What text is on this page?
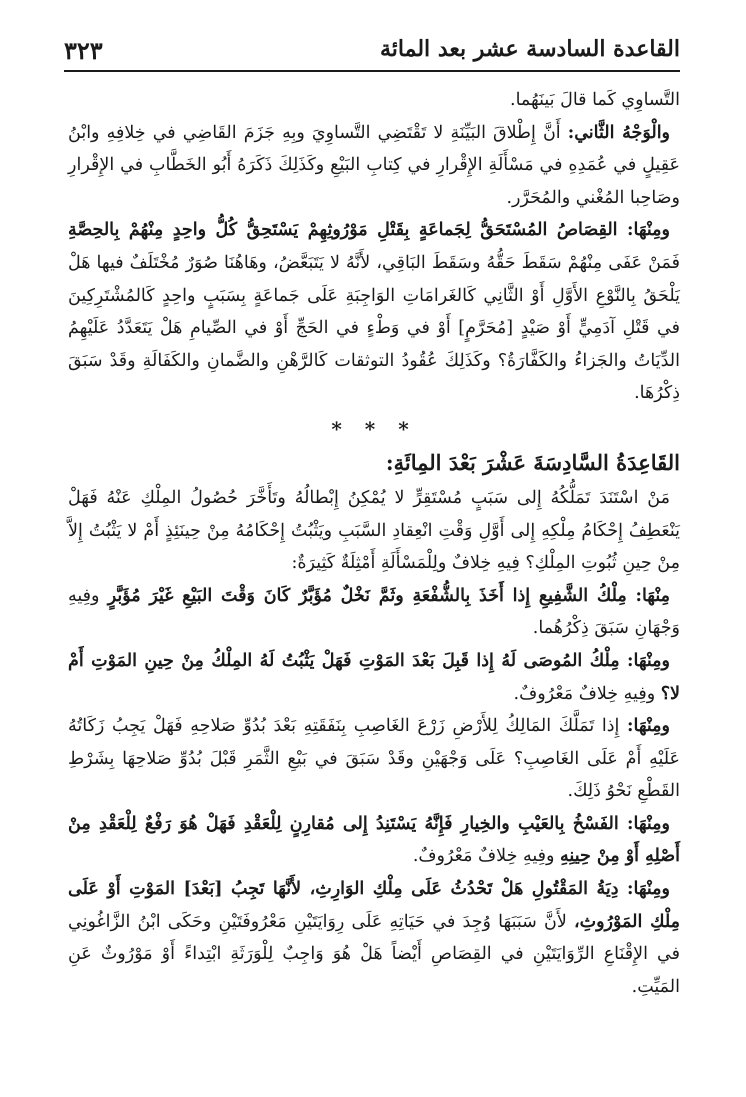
القاعدة السادسة عشر بعد المائة
٣٢٣

التَّساوِي كَما قالَ بَينَهُما.

والْوَجْهُ الثَّاني: أَنَّ إِطْلاقَ البَيِّنَةِ لا تَقْتَضِي التَّساوِيَ وبِهِ جَزَمَ القَاضِي في خِلافِهِ وابْنُ عَقِيلٍ في عُمَدِهِ في مَسْأَلَةِ الإِقْرارِ في كِتابِ البَيْعِ وكَذَلِكَ ذَكَرَهُ أَبُو الخَطَّابِ في الإِقْرارِ وصَاحِبا المُغْني والمُحَرَّر.

ومِنْهَا: القِصَاصُ المُسْتَحَقُّ لِجَماعَةٍ بِقَتْلِ مَوْرُوثِهِمْ يَسْتَحِقُّ كُلُّ واحِدٍ مِنْهُمْ بِالحِصَّةِ فَمَنْ عَفَى مِنْهُمْ سَقَطَ حَقُّهُ وسَقَطَ البَاقِي، لأَنَّهُ لا يَتَبَعَّضُ، وهَاهُنَا صُوَرٌ مُخْتَلَفٌ فيها هَلْ يَلْحَقُ بِالنَّوْعِ الأَوَّلِ أَوْ الثَّانِي كَالغَرامَاتِ الوَاجِبَةِ عَلَى جَماعَةٍ بِسَبَبٍ واحِدٍ كَالمُشْتَرِكِينَ في قَتْلِ آدَمِيٍّ أَوْ صَيْدٍ [مُحَرَّمٍ] أَوْ في وَطْءٍ في الحَجِّ أَوْ في الصِّيامِ هَلْ يَتَعَدَّدُ عَلَيْهِمُ الدِّيَاتُ والجَزاءُ والكَفَّارَةُ؟ وكَذَلِكَ عُقُودُ التوثقات كَالرَّهْنِ والضَّمانِ والكَفَالَةِ وقَدْ سَبَقَ ذِكْرُهَا.

* * *
القَاعِدَةُ السَّادِسَةَ عَشْرَ بَعْدَ المِائَةِ:

مَنْ اسْتَنَدَ تَمَلُّكُهُ إِلى سَبَبٍ مُسْتَقِرٍّ لا يُمْكِنُ إِبْطالُهُ وتَأَخَّرَ حُصُولُ المِلْكِ عَنْهُ فَهَلْ يَنْعَطِفُ إِحْكَامُ مِلْكِهِ إِلى أَوَّلِ وَقْتِ انْعِقادِ السَّبَبِ ويَثْبُتُ إِحْكَامُهُ مِنْ حِينَئِذٍ أَمْ لا يَثْبُتُ إِلاَّ مِنْ حِينِ ثُبُوتِ المِلْكِ؟ فِيهِ خِلافٌ ولِلْمَسْأَلَةِ أَمْثِلَةٌ كَثِيرَةٌ:

مِنْهَا: مِلْكُ الشَّفِيعِ إِذا أَخَذَ بِالشُّفْعَةِ وثَمَّ نَخْلٌ مُؤَبَّرٌ كَانَ وَقْتَ البَيْعِ غَيْرَ مُؤَبَّرٍ وفِيهِ وَجْهَانِ سَبَقَ ذِكْرُهُما.

ومِنْهَا: مِلْكُ المُوصَى لَهُ إِذا قَبِلَ بَعْدَ المَوْتِ فَهَلْ يَثْبُتُ لَهُ المِلْكُ مِنْ حِينِ المَوْتِ أَمْ لا؟ وفِيهِ خِلافٌ مَعْرُوفٌ.

ومِنْهَا: إِذا تَمَلَّكَ المَالِكُ لِلأَرْضِ زَرْعَ الغَاصِبِ بِنَفَقَتِهِ بَعْدَ بُدُوِّ صَلاحِهِ فَهَلْ يَجِبُ زَكَاتُهُ عَلَيْهِ أَمْ عَلَى الغَاصِبِ؟ عَلَى وَجْهَيْنِ وقَدْ سَبَقَ في بَيْعِ الثَّمَرِ قَبْلَ بُدُوِّ صَلاحِهَا بِشَرْطِ القَطْعِ نَحْوُ ذَلِكَ.

ومِنْهَا: الفَسْخُ بِالعَيْبِ والخِيارِ فَإِنَّهُ يَسْتَنِدُ إِلى مُقارِنٍ لِلْعَقْدِ فَهَلْ هُوَ رَفْعٌ لِلْعَقْدِ مِنْ أَصْلِهِ أَوْ مِنْ حِينِهِ وفِيهِ خِلافٌ مَعْرُوفٌ.

ومِنْهَا: دِيَةُ المَقْتُولِ هَلْ تَحْدُثُ عَلَى مِلْكِ الوَارِثِ، لأَنَّهَا تَجِبُ [بَعْدَ] المَوْتِ أَوْ عَلَى مِلْكِ المَوْرُوثِ، لأَنَّ سَبَبَهَا وُجِدَ في حَيَاتِهِ عَلَى رِوَايَتَيْنِ مَعْرُوفَتَيْنِ وحَكَى ابْنُ الزَّاغُونِي في الإِقْنَاعِ الرِّوَايَتَيْنِ في القِصَاصِ أَيْضاً هَلْ هُوَ وَاجِبٌ لِلْوَرَثَةِ ابْتِداءً أَوْ مَوْرُوثٌ عَنِ المَيِّتِ.
